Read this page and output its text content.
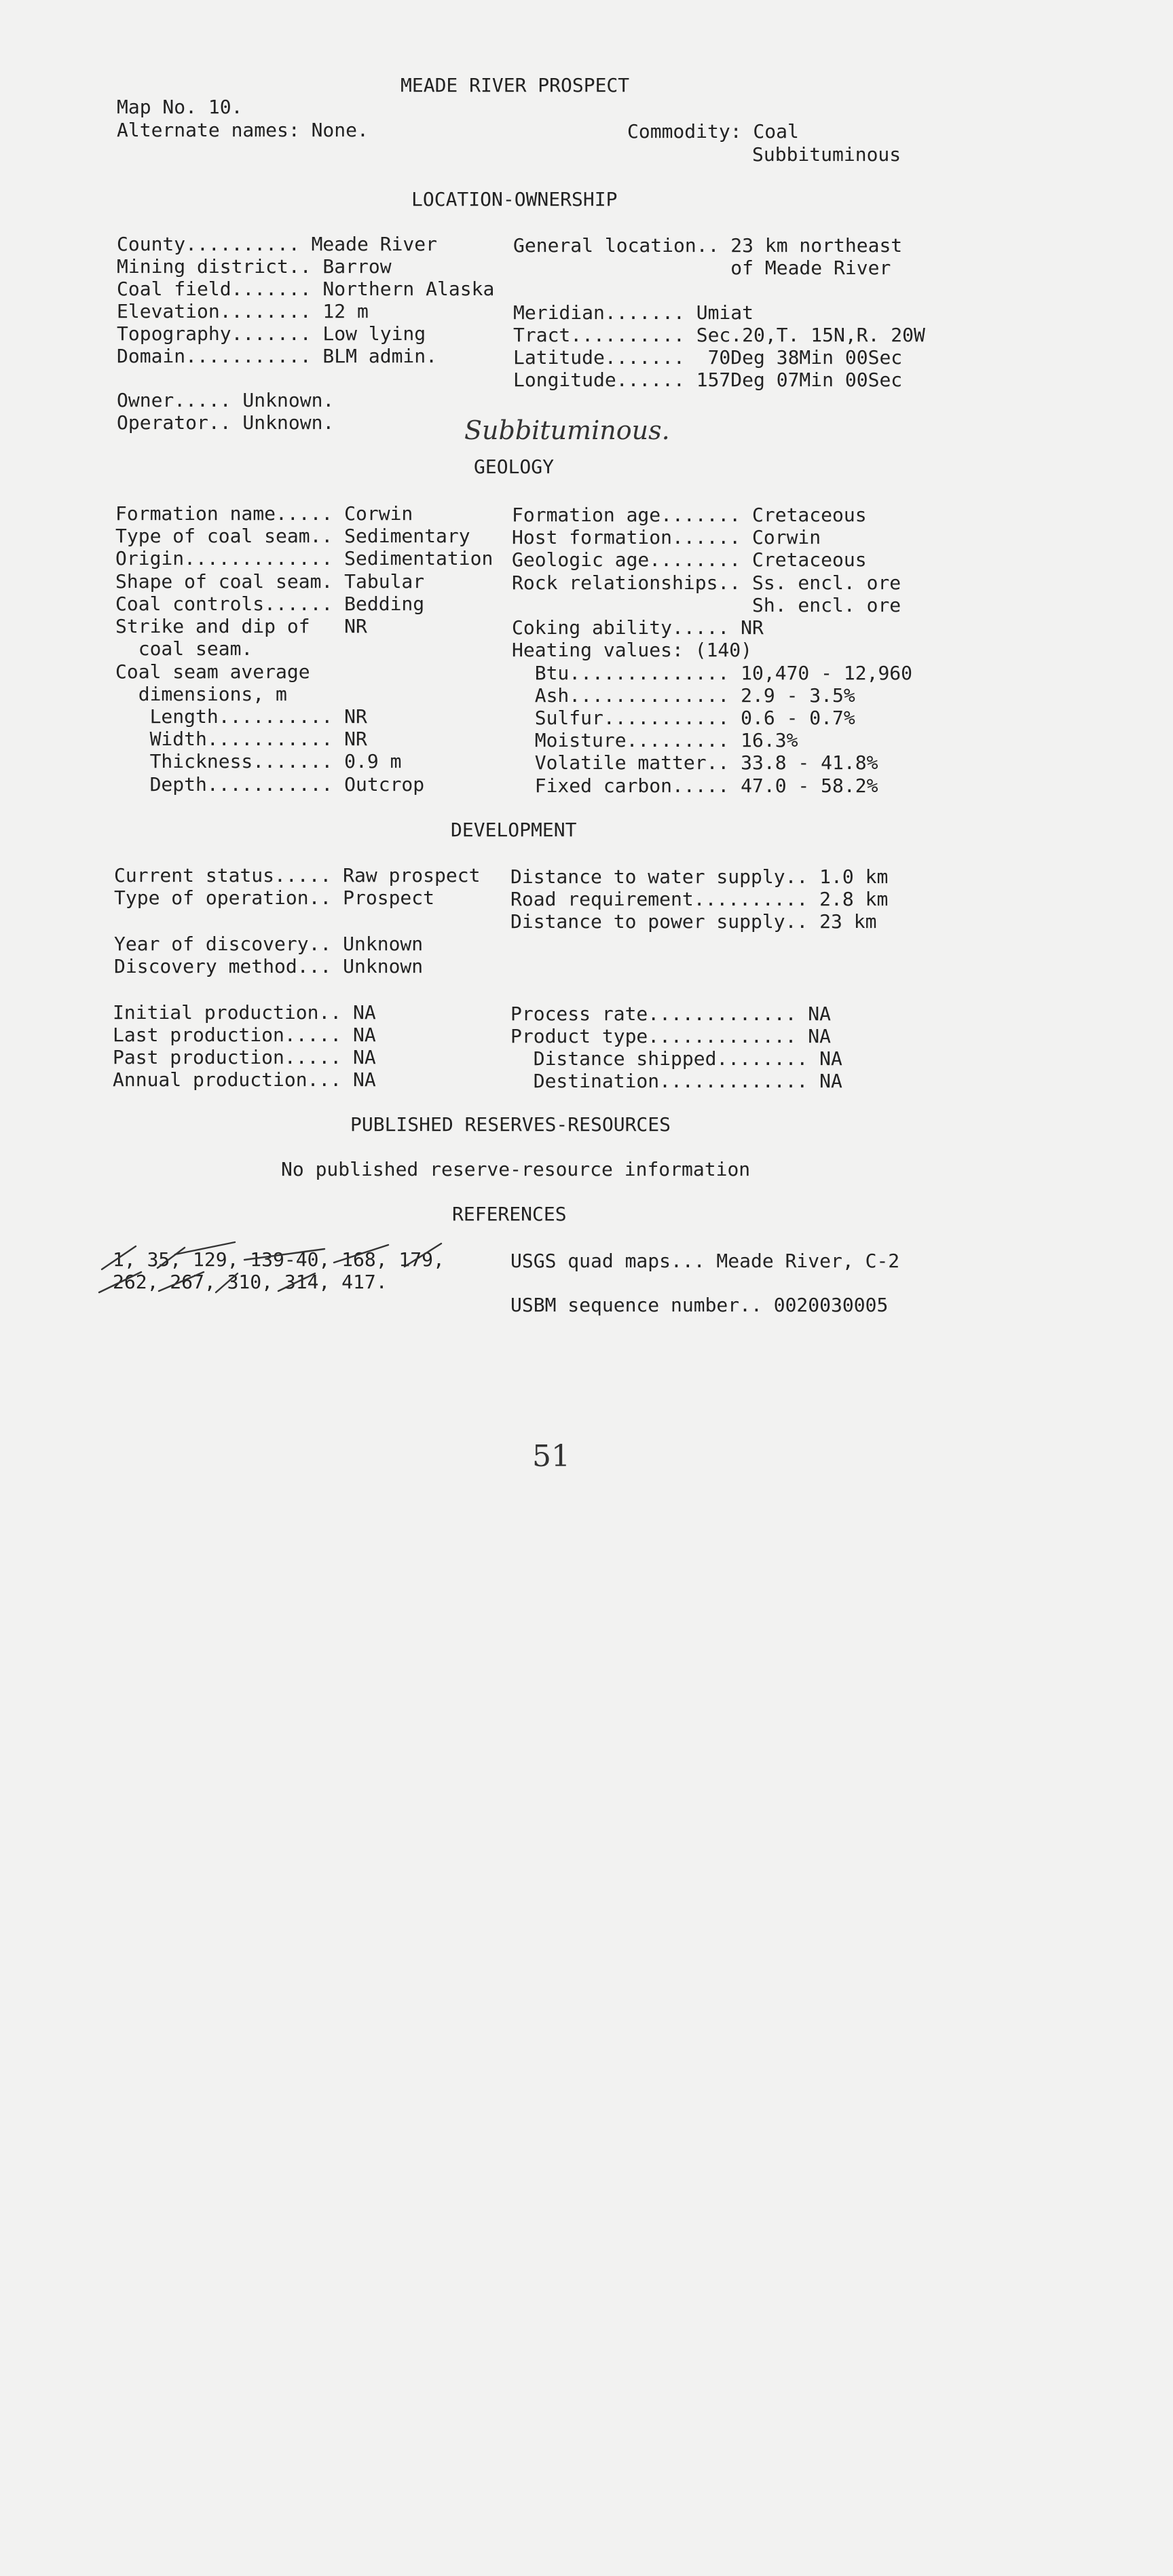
MEADE RIVER PROSPECT

Map No. 10.

Alternate names: None.

	Commodity: Coal

Subbituminous

LOCATION-OWNERSHIP

County.......... Meade River

Mining district.. Barrow

Coal field....... Northern Alaska

Elevation........ 12 m

Topography....... Low lying

Domain........... BLM admin.

General location.. 23 km northeast

of Meade River

Meridian....... Umiat

Tract.......... Sec.20,T. 15N,R. 20W

Latitude.......  70Deg 38Min 00Sec

Longitude...... 157Deg 07Min 00Sec

Owner..... Unknown.

Operator.. Unknown.

	Subbituminous.

GEOLOGY

Formation name..... Corwin

Type of coal seam.. Sedimentary

Origin............. Sedimentation

Shape of coal seam. Tabular

Coal controls...... Bedding

Strike and dip of   NR

coal seam.

Coal seam average

dimensions, m

Length.......... NR

Width........... NR

Thickness....... 0.9 m

Depth........... Outcrop

Formation age....... Cretaceous

Host formation...... Corwin

Geologic age........ Cretaceous

Rock relationships.. Ss. encl. ore

Sh. encl. ore

Coking ability..... NR

Heating values: (140)

Btu.............. 10,470 - 12,960

Ash.............. 2.9 - 3.5%

Sulfur........... 0.6 - 0.7%

Moisture......... 16.3%

Volatile matter.. 33.8 - 41.8%

Fixed carbon..... 47.0 - 58.2%

DEVELOPMENT

Current status..... Raw prospect

Type of operation.. Prospect

Distance to water supply.. 1.0 km

Road requirement.......... 2.8 km

Distance to power supply.. 23 km

Year of discovery.. Unknown

Discovery method... Unknown

Initial production.. NA

Last production..... NA

Past production..... NA

Annual production... NA

Process rate............. NA

Product type............. NA

Distance shipped........ NA

Destination............. NA

PUBLISHED RESERVES-RESOURCES

No published reserve-resource information

REFERENCES

1, 35, 129, 139-40, 168, 179,

262, 267, 310, 314, 417.

USGS quad maps... Meade River, C-2

USBM sequence number.. 0020030005

51
